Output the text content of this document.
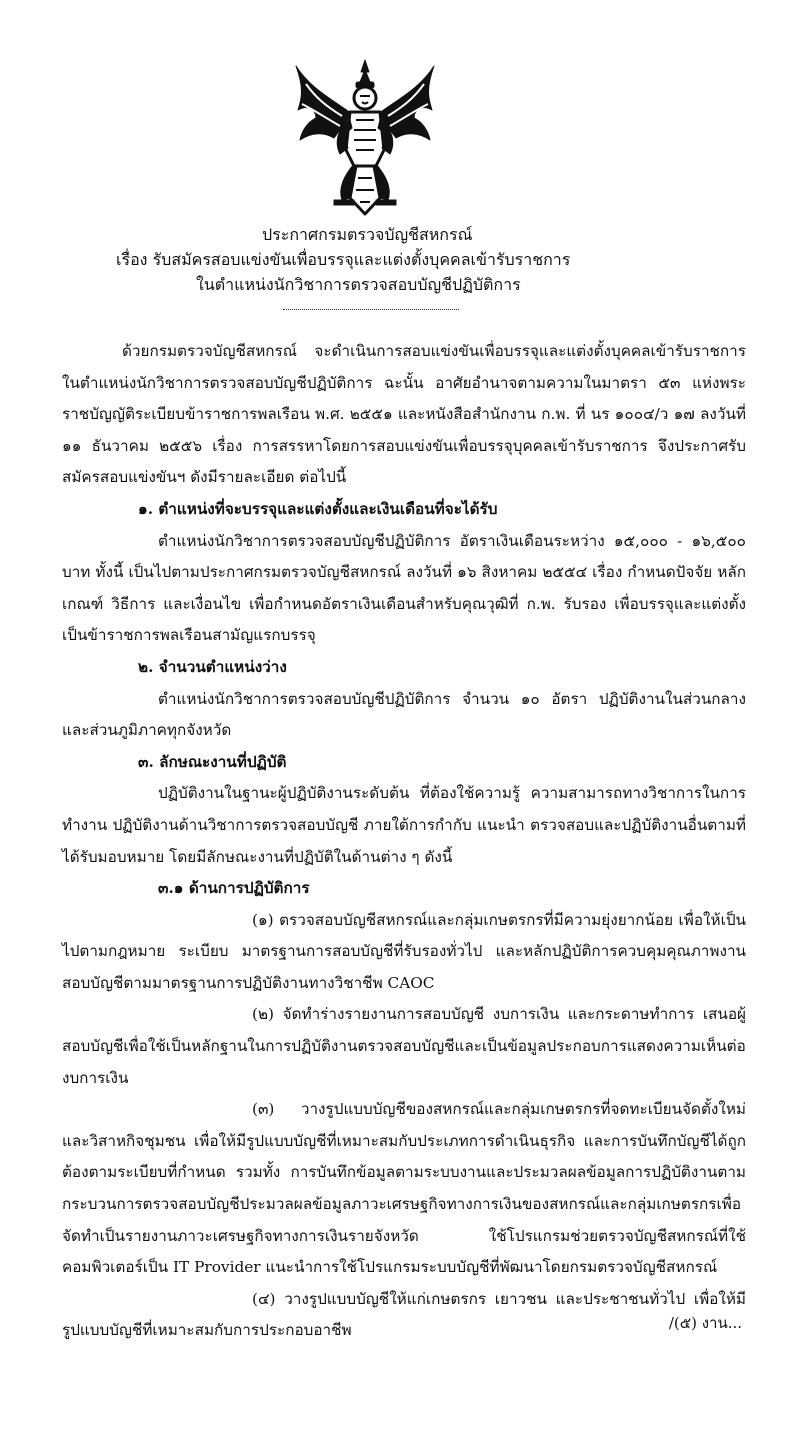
ประกาศกรมตรวจบัญชีสหกรณ์
เรื่อง รับสมัครสอบแข่งขันเพื่อบรรจุและแต่งตั้งบุคคลเข้ารับราชการ
ในตำแหน่งนักวิชาการตรวจสอบบัญชีปฏิบัติการ

ด้วยกรมตรวจบัญชีสหกรณ์ จะดำเนินการสอบแข่งขันเพื่อบรรจุและแต่งตั้งบุคคลเข้ารับราชการ ในตำแหน่งนักวิชาการตรวจสอบบัญชีปฏิบัติการ ฉะนั้น อาศัยอำนาจตามความในมาตรา ๕๓ แห่งพระราชบัญญัติระเบียบข้าราชการพลเรือน พ.ศ. ๒๕๕๑ และหนังสือสำนักงาน ก.พ. ที่ นร ๑๐๐๔/ว ๑๗ ลงวันที่ ๑๑ ธันวาคม ๒๕๕๖ เรื่อง การสรรหาโดยการสอบแข่งขันเพื่อบรรจุบุคคลเข้ารับราชการ จึงประกาศรับสมัครสอบแข่งขันฯ ดังมีรายละเอียด ต่อไปนี้

๑. ตำแหน่งที่จะบรรจุและแต่งตั้งและเงินเดือนที่จะได้รับ

ตำแหน่งนักวิชาการตรวจสอบบัญชีปฏิบัติการ อัตราเงินเดือนระหว่าง ๑๕,๐๐๐ - ๑๖,๕๐๐ บาท ทั้งนี้ เป็นไปตามประกาศกรมตรวจบัญชีสหกรณ์ ลงวันที่ ๑๖ สิงหาคม ๒๕๕๔ เรื่อง กำหนดปัจจัย หลักเกณฑ์ วิธีการ และเงื่อนไข เพื่อกำหนดอัตราเงินเดือนสำหรับคุณวุฒิที่ ก.พ. รับรอง เพื่อบรรจุและแต่งตั้งเป็นข้าราชการพลเรือนสามัญแรกบรรจุ

๒. จำนวนตำแหน่งว่าง

ตำแหน่งนักวิชาการตรวจสอบบัญชีปฏิบัติการ จำนวน ๑๐ อัตรา ปฏิบัติงานในส่วนกลางและส่วนภูมิภาคทุกจังหวัด

๓. ลักษณะงานที่ปฏิบัติ

ปฏิบัติงานในฐานะผู้ปฏิบัติงานระดับต้น ที่ต้องใช้ความรู้ ความสามารถทางวิชาการในการทำงาน ปฏิบัติงานด้านวิชาการตรวจสอบบัญชี ภายใต้การกำกับ แนะนำ ตรวจสอบและปฏิบัติงานอื่นตามที่ได้รับมอบหมาย โดยมีลักษณะงานที่ปฏิบัติในด้านต่าง ๆ ดังนี้

๓.๑ ด้านการปฏิบัติการ

(๑) ตรวจสอบบัญชีสหกรณ์และกลุ่มเกษตรกรที่มีความยุ่งยากน้อย เพื่อให้เป็นไปตามกฎหมาย ระเบียบ มาตรฐานการสอบบัญชีที่รับรองทั่วไป และหลักปฏิบัติการควบคุมคุณภาพงานสอบบัญชีตามมาตรฐานการปฏิบัติงานทางวิชาชีพ CAOC

(๒) จัดทำร่างรายงานการสอบบัญชี งบการเงิน และกระดาษทำการ เสนอผู้สอบบัญชีเพื่อใช้เป็นหลักฐานในการปฏิบัติงานตรวจสอบบัญชีและเป็นข้อมูลประกอบการแสดงความเห็นต่องบการเงิน

(๓) วางรูปแบบบัญชีของสหกรณ์และกลุ่มเกษตรกรที่จดทะเบียนจัดตั้งใหม่ และวิสาหกิจชุมชน เพื่อให้มีรูปแบบบัญชีที่เหมาะสมกับประเภทการดำเนินธุรกิจ และการบันทึกบัญชีได้ถูกต้องตามระเบียบที่กำหนด รวมทั้ง การบันทึกข้อมูลตามระบบงานและประมวลผลข้อมูลการปฏิบัติงานตามกระบวนการตรวจสอบบัญชีประมวลผลข้อมูลภาวะเศรษฐกิจทางการเงินของสหกรณ์และกลุ่มเกษตรกรเพื่อจัดทำเป็นรายงานภาวะเศรษฐกิจทางการเงินรายจังหวัด ใช้โปรแกรมช่วยตรวจบัญชีสหกรณ์ที่ใช้คอมพิวเตอร์เป็น IT Provider แนะนำการใช้โปรแกรมระบบบัญชีที่พัฒนาโดยกรมตรวจบัญชีสหกรณ์

(๔) วางรูปแบบบัญชีให้แก่เกษตรกร เยาวชน และประชาชนทั่วไป เพื่อให้มีรูปแบบบัญชีที่เหมาะสมกับการประกอบอาชีพ	/(๕) งาน...
